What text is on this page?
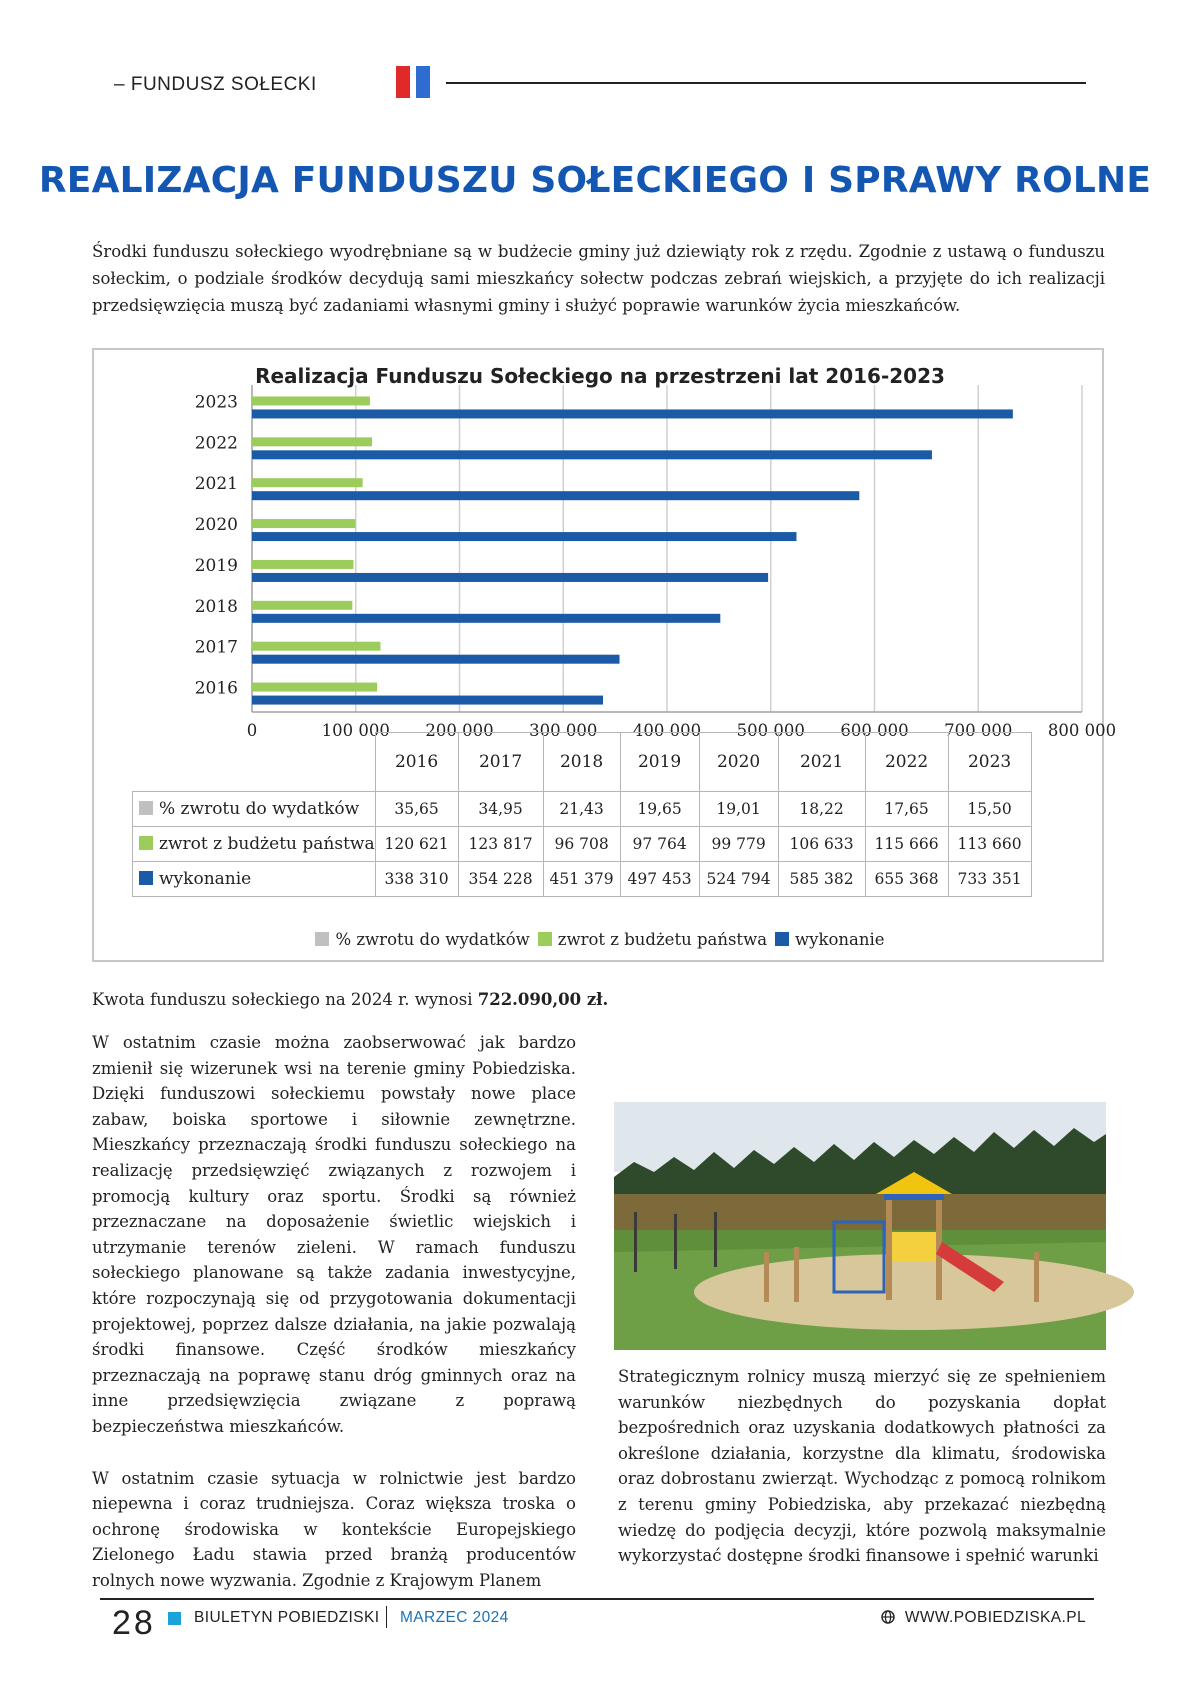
– FUNDUSZ SOŁECKI
REALIZACJA FUNDUSZU SOŁECKIEGO I SPRAWY ROLNE

Środki funduszu sołeckiego wyodrębniane są w budżecie gminy już dziewiąty rok z rzędu. Zgodnie z ustawą o funduszu sołeckim, o podziale środków decydują sami mieszkańcy sołectw podczas zebrań wiejskich, a przyjęte do ich realizacji przedsięwzięcia muszą być zadaniami własnymi gminy i służyć poprawie warunków życia mieszkańców.

Realizacja Funduszu Sołeckiego na przestrzeni lat 2016-2023
0	100 000 200 000 300 000 400 000 500 000 600 000 700 000 800 000
2016
2017
2018
2019
2020
2021
2022
2023
	2016	2017	2018	2019	2020	2021	2022	2023
% zwrotu do wydatków	35,65	34,95	21,43	19,65	19,01	18,22	17,65	15,50
zwrot z budżetu państwa	120 621	123 817	96 708	97 764	99 779	106 633	115 666	113 660
wykonanie	338 310	354 228	451 379	497 453	524 794	585 382	655 368	733 351
% zwrotu do wydatków zwrot z budżetu państwa wykonanie

Kwota funduszu sołeckiego na 2024 r. wynosi 722.090,00 zł.

W ostatnim czasie można zaobserwować jak bardzo zmienił się wizerunek wsi na terenie gminy Pobiedziska. Dzięki funduszowi sołeckiemu powstały nowe place zabaw, boiska sportowe i siłownie zewnętrzne. Mieszkańcy przeznaczają środki funduszu sołeckiego na realizację przedsięwzięć związanych z rozwojem i promocją kultury oraz sportu. Środki są również przeznaczane na doposażenie świetlic wiejskich i utrzymanie terenów zieleni. W ramach funduszu sołeckiego planowane są także zadania inwestycyjne, które rozpoczynają się od przygotowania dokumentacji projektowej, poprzez dalsze działania, na jakie pozwalają środki finansowe. Część środków mieszkańcy przeznaczają na poprawę stanu dróg gminnych oraz na inne przedsięwzięcia związane z poprawą bezpieczeństwa mieszkańców.

W ostatnim czasie sytuacja w rolnictwie jest bardzo niepewna i coraz trudniejsza. Coraz większa troska o ochronę środowiska w kontekście Europejskiego Zielonego Ładu stawia przed branżą producentów rolnych nowe wyzwania. Zgodnie z Krajowym Planem

Strategicznym rolnicy muszą mierzyć się ze spełnieniem warunków niezbędnych do pozyskania dopłat bezpośrednich oraz uzyskania dodatkowych płatności za określone działania, korzystne dla klimatu, środowiska oraz dobrostanu zwierząt. Wychodząc z pomocą rolnikom z terenu gminy Pobiedziska, aby przekazać niezbędną wiedzę do podjęcia decyzji, które pozwolą maksymalnie wykorzystać dostępne środki finansowe i spełnić warunki

28 BIULETYN POBIEDZISKI MARZEC 2024	WWW.POBIEDZISKA.PL
